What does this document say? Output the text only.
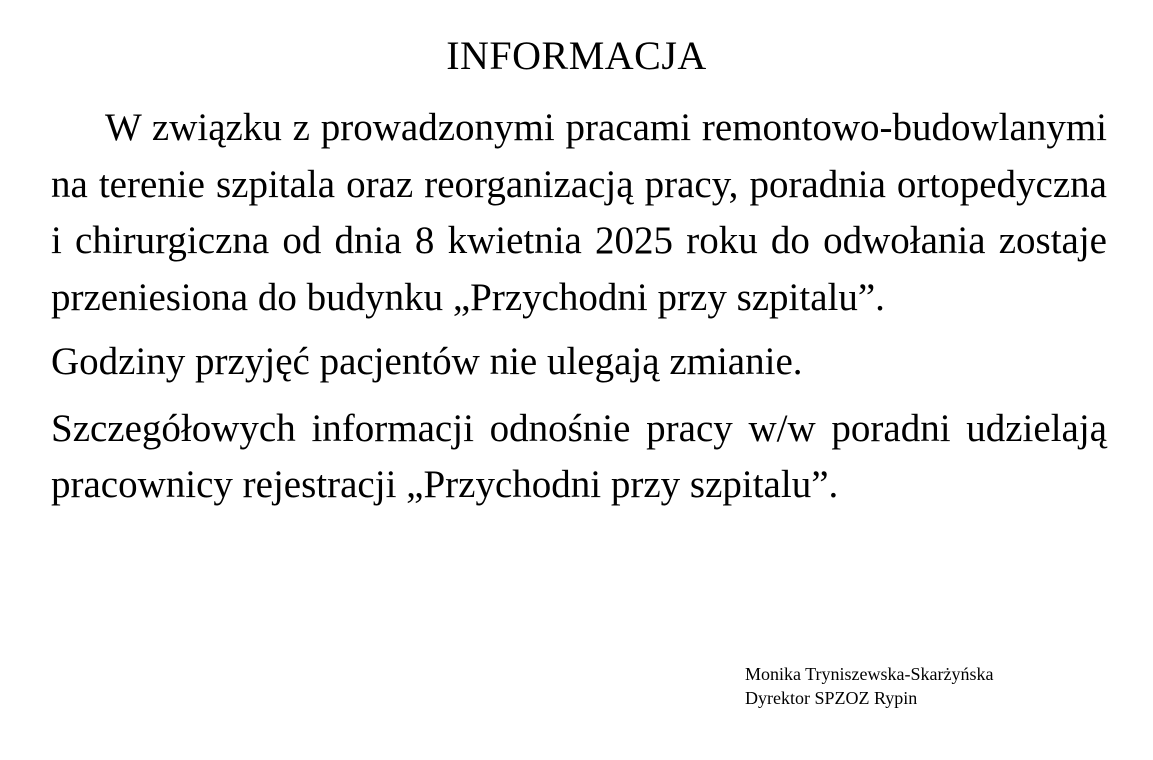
INFORMACJA

W związku z prowadzonymi pracami remontowo-budowlanymi na terenie szpitala oraz reorganizacją pracy, poradnia ortopedyczna i chirurgiczna od dnia 8 kwietnia 2025 roku do odwołania zostaje przeniesiona do budynku „Przychodni przy szpitalu”.

Godziny przyjęć pacjentów nie ulegają zmianie.

Szczegółowych informacji odnośnie pracy w/w poradni udzielają pracownicy rejestracji „Przychodni przy szpitalu”.

Monika Tryniszewska-Skarżyńska
Dyrektor SPZOZ Rypin
